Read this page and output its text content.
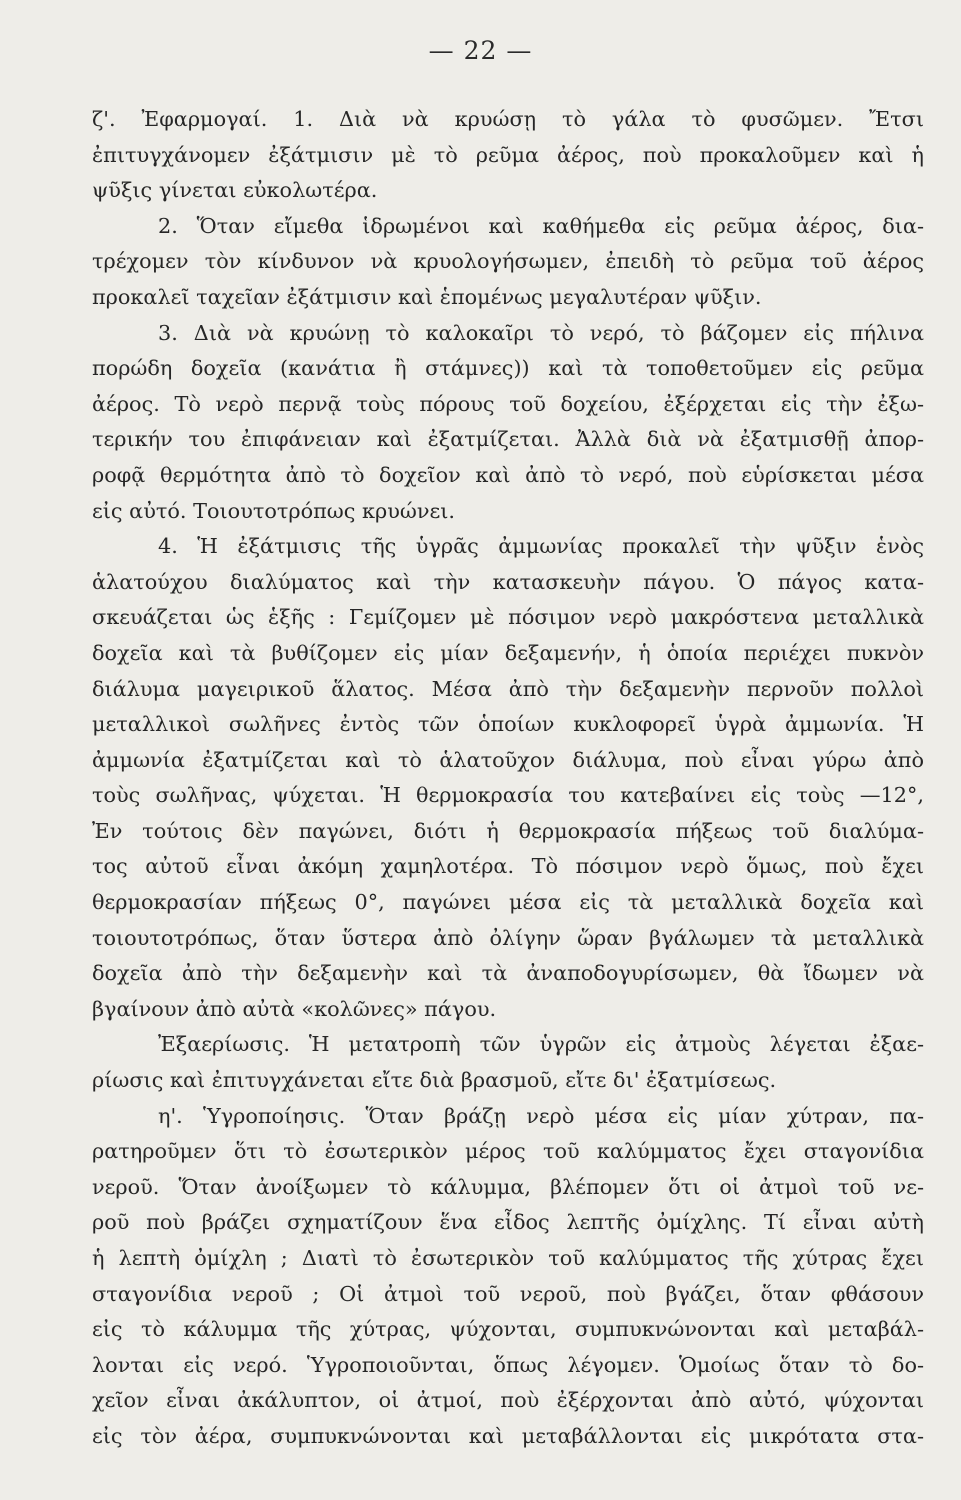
— 22 —
ζ'. Ἐφαρμογαί. 1. Διὰ νὰ κρυώσῃ τὸ γάλα τὸ φυσῶμεν. Ἔτσι
ἐπιτυγχάνομεν ἐξάτμισιν μὲ τὸ ρεῦμα ἀέρος, ποὺ προκαλοῦμεν καὶ ἡ
ψῦξις γίνεται εὐκολωτέρα.
2. Ὅταν εἴμεθα ἱδρωμένοι καὶ καθήμεθα εἰς ρεῦμα ἀέρος, δια-
τρέχομεν τὸν κίνδυνον νὰ κρυολογήσωμεν, ἐπειδὴ τὸ ρεῦμα τοῦ ἀέρος
προκαλεῖ ταχεῖαν ἐξάτμισιν καὶ ἑπομένως μεγαλυτέραν ψῦξιν.
3. Διὰ νὰ κρυώνῃ τὸ καλοκαῖρι τὸ νερό, τὸ βάζομεν εἰς πήλινα
πορώδη δοχεῖα (κανάτια ἢ στάμνες)) καὶ τὰ τοποθετοῦμεν εἰς ρεῦμα
ἀέρος. Τὸ νερὸ περνᾷ τοὺς πόρους τοῦ δοχείου, ἐξέρχεται εἰς τὴν ἐξω-
τερικήν του ἐπιφάνειαν καὶ ἐξατμίζεται. Ἀλλὰ διὰ νὰ ἐξατμισθῇ ἀπορ-
ροφᾷ θερμότητα ἀπὸ τὸ δοχεῖον καὶ ἀπὸ τὸ νερό, ποὺ εὑρίσκεται μέσα
εἰς αὐτό. Τοιουτοτρόπως κρυώνει.
4. Ἡ ἐξάτμισις τῆς ὑγρᾶς ἀμμωνίας προκαλεῖ τὴν ψῦξιν ἑνὸς
ἁλατούχου διαλύματος καὶ τὴν κατασκευὴν πάγου. Ὁ πάγος κατα-
σκευάζεται ὡς ἑξῆς : Γεμίζομεν μὲ πόσιμον νερὸ μακρόστενα μεταλλικὰ
δοχεῖα καὶ τὰ βυθίζομεν εἰς μίαν δεξαμενήν, ἡ ὁποία περιέχει πυκνὸν
διάλυμα μαγειρικοῦ ἅλατος. Μέσα ἀπὸ τὴν δεξαμενὴν περνοῦν πολλοὶ
μεταλλικοὶ σωλῆνες ἐντὸς τῶν ὁποίων κυκλοφορεῖ ὑγρὰ ἀμμωνία. Ἡ
ἀμμωνία ἐξατμίζεται καὶ τὸ ἁλατοῦχον διάλυμα, ποὺ εἶναι γύρω ἀπὸ
τοὺς σωλῆνας, ψύχεται. Ἡ θερμοκρασία του κατεβαίνει εἰς τοὺς —12°,
Ἐν τούτοις δὲν παγώνει, διότι ἡ θερμοκρασία πήξεως τοῦ διαλύμα-
τος αὐτοῦ εἶναι ἀκόμη χαμηλοτέρα. Τὸ πόσιμον νερὸ ὅμως, ποὺ ἔχει
θερμοκρασίαν πήξεως 0°, παγώνει μέσα εἰς τὰ μεταλλικὰ δοχεῖα καὶ
τοιουτοτρόπως, ὅταν ὕστερα ἀπὸ ὀλίγην ὥραν βγάλωμεν τὰ μεταλλικὰ
δοχεῖα ἀπὸ τὴν δεξαμενὴν καὶ τὰ ἀναποδογυρίσωμεν, θὰ ἴδωμεν νὰ
βγαίνουν ἀπὸ αὐτὰ «κολῶνες» πάγου.
Ἐξαερίωσις. Ἡ μετατροπὴ τῶν ὑγρῶν εἰς ἀτμοὺς λέγεται ἐξαε-
ρίωσις καὶ ἐπιτυγχάνεται εἴτε διὰ βρασμοῦ, εἴτε δι' ἐξατμίσεως.
η'. Ὑγροποίησις. Ὅταν βράζῃ νερὸ μέσα εἰς μίαν χύτραν, πα-
ρατηροῦμεν ὅτι τὸ ἐσωτερικὸν μέρος τοῦ καλύμματος ἔχει σταγονίδια
νεροῦ. Ὅταν ἀνοίξωμεν τὸ κάλυμμα, βλέπομεν ὅτι οἱ ἀτμοὶ τοῦ νε-
ροῦ ποὺ βράζει σχηματίζουν ἕνα εἶδος λεπτῆς ὀμίχλης. Τί εἶναι αὐτὴ
ἡ λεπτὴ ὀμίχλη ; Διατὶ τὸ ἐσωτερικὸν τοῦ καλύμματος τῆς χύτρας ἔχει
σταγονίδια νεροῦ ; Οἱ ἀτμοὶ τοῦ νεροῦ, ποὺ βγάζει, ὅταν φθάσουν
εἰς τὸ κάλυμμα τῆς χύτρας, ψύχονται, συμπυκνώνονται καὶ μεταβάλ-
λονται εἰς νερό. Ὑγροποιοῦνται, ὅπως λέγομεν. Ὁμοίως ὅταν τὸ δο-
χεῖον εἶναι ἀκάλυπτον, οἱ ἀτμοί, ποὺ ἐξέρχονται ἀπὸ αὐτό, ψύχονται
εἰς τὸν ἀέρα, συμπυκνώνονται καὶ μεταβάλλονται εἰς μικρότατα στα-
